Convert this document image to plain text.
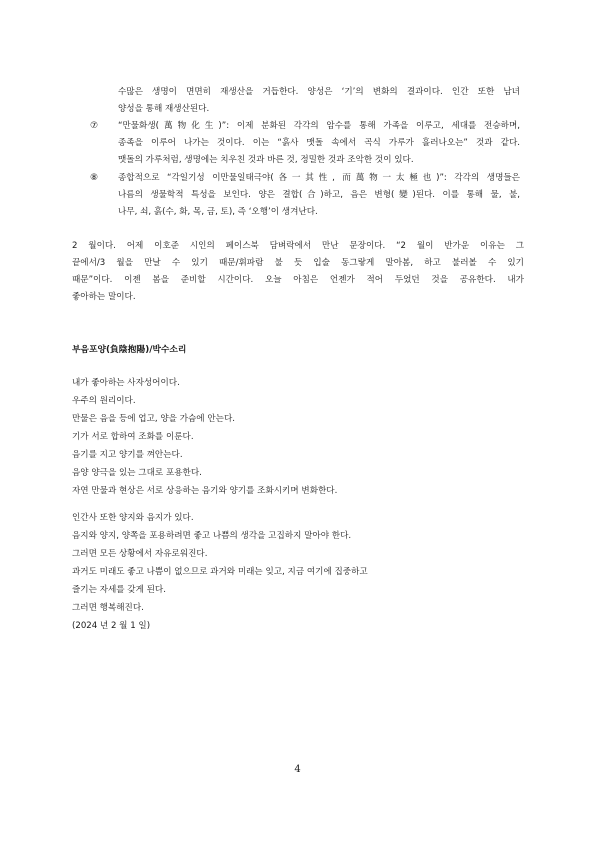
수많은 생명이 면면히 재생산을 거듭한다. 양성은 ‘기’의 변화의 결과이다. 인간 또한 남녀
양성을 통해 재생산된다.
⑦ “만물화생(萬物化生)”: 이제 분화된 각각의 암수를 통해 가족을 이루고, 세대를 전승하며,
종족을 이루어 나가는 것이다. 이는 “흙사 맷돌 속에서 곡식 가루가 흘러나오는” 것과 같다.
맷돌의 가루처럼, 생명에는 치우친 것과 바른 것, 정밀한 것과 조악한 것이 있다.
⑧ 종합적으로 “각일기성 이만물일태극야(各一其性, 而萬物一太極也)”: 각각의 생명들은
나름의 생물학적 특성을 보인다. 양은 결합(合)하고, 음은 변형(變)된다. 이를 통해 물, 불,
나무, 쇠, 흙(수, 화, 목, 금, 토), 즉 ‘오행’이 생겨난다.
2 월이다. 어제 이호준 시인의 페이스북 담벼락에서 만난 문장이다. “2 월이 반가운 이유는 그
끝에서/3 월을 만날 수 있기 때문/휘파람 불 듯 입술 동그랗게 말아봄, 하고 불러볼 수 있기
때문”이다. 이젠 봄을 준비할 시간이다. 오늘 아침은 언젠가 적어 두었던 것을 공유한다. 내가
좋아하는 말이다.
부음포양(負陰抱陽)/박수소리
내가 좋아하는 사자성어이다.
우주의 원리이다.
만물은 음을 등에 업고, 양을 가슴에 안는다.
기가 서로 합하여 조화를 이룬다.
음기를 지고 양기를 껴안는다.
음양 양극을 있는 그대로 포용한다.
자연 만물과 현상은 서로 상응하는 음기와 양기를 조화시키며 변화한다.
인간사 또한 양지와 음지가 있다.
음지와 양지, 양쪽을 포용하려면 좋고 나쁨의 생각을 고집하지 말아야 한다.
그러면 모든 상황에서 자유로워진다.
과거도 미래도 좋고 나쁨이 없으므로 과거와 미래는 잊고, 지금 여기에 집중하고
즐기는 자세를 갖게 된다.
그러면 행복해진다.
(2024 년 2 월 1 일)
4
